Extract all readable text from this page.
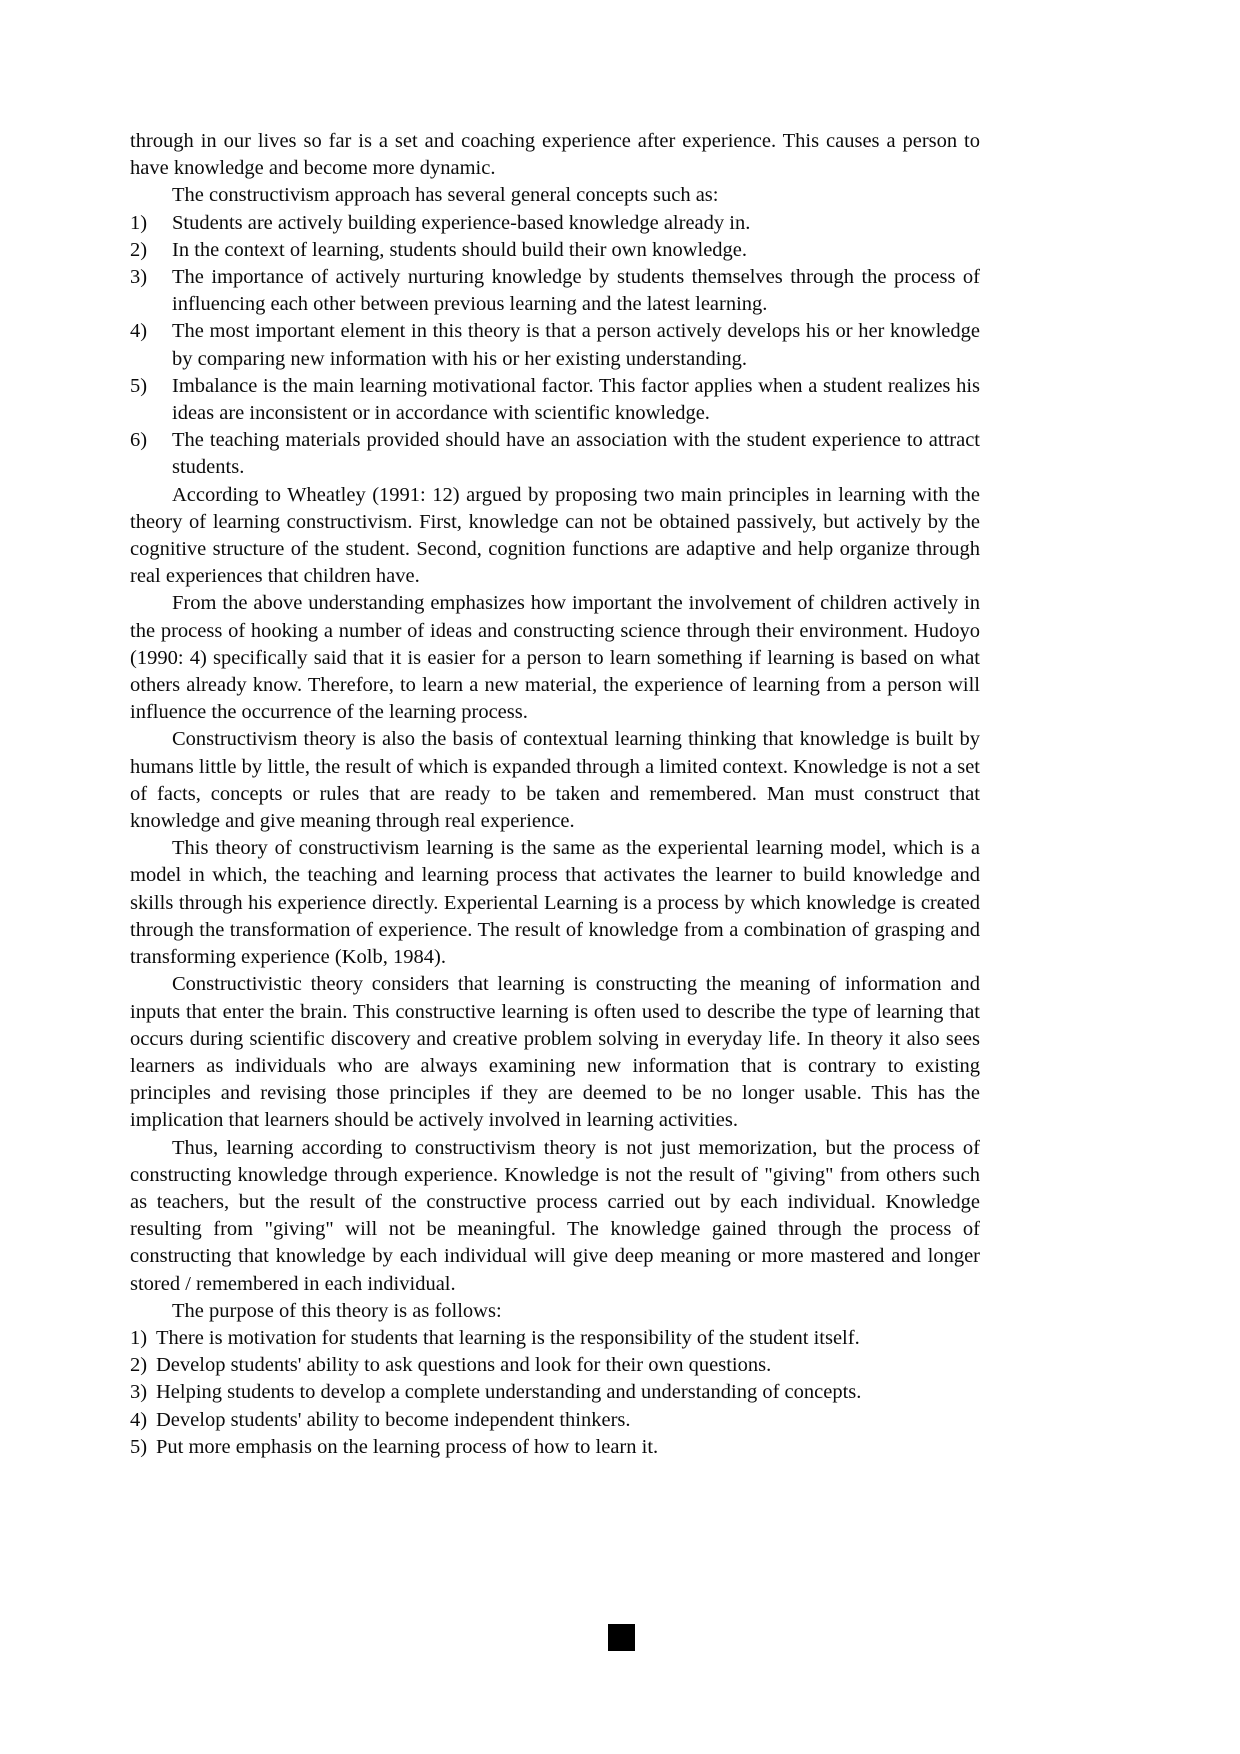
through in our lives so far is a set and coaching experience after experience. This causes a person to have knowledge and become more dynamic.

The constructivism approach has several general concepts such as:

1)	Students are actively building experience-based knowledge already in.
2)	In the context of learning, students should build their own knowledge.
3)	The importance of actively nurturing knowledge by students themselves through the process of influencing each other between previous learning and the latest learning.
4)	The most important element in this theory is that a person actively develops his or her knowledge by comparing new information with his or her existing understanding.
5)	Imbalance is the main learning motivational factor. This factor applies when a student realizes his ideas are inconsistent or in accordance with scientific knowledge.
6)	The teaching materials provided should have an association with the student experience to attract students.

According to Wheatley (1991: 12) argued by proposing two main principles in learning with the theory of learning constructivism. First, knowledge can not be obtained passively, but actively by the cognitive structure of the student. Second, cognition functions are adaptive and help organize through real experiences that children have.

From the above understanding emphasizes how important the involvement of children actively in the process of hooking a number of ideas and constructing science through their environment. Hudoyo (1990: 4) specifically said that it is easier for a person to learn something if learning is based on what others already know. Therefore, to learn a new material, the experience of learning from a person will influence the occurrence of the learning process.

Constructivism theory is also the basis of contextual learning thinking that knowledge is built by humans little by little, the result of which is expanded through a limited context. Knowledge is not a set of facts, concepts or rules that are ready to be taken and remembered. Man must construct that knowledge and give meaning through real experience.

This theory of constructivism learning is the same as the experiental learning model, which is a model in which, the teaching and learning process that activates the learner to build knowledge and skills through his experience directly. Experiental Learning is a process by which knowledge is created through the transformation of experience. The result of knowledge from a combination of grasping and transforming experience (Kolb, 1984).

Constructivistic theory considers that learning is constructing the meaning of information and inputs that enter the brain. This constructive learning is often used to describe the type of learning that occurs during scientific discovery and creative problem solving in everyday life. In theory it also sees learners as individuals who are always examining new information that is contrary to existing principles and revising those principles if they are deemed to be no longer usable. This has the implication that learners should be actively involved in learning activities.

Thus, learning according to constructivism theory is not just memorization, but the process of constructing knowledge through experience. Knowledge is not the result of "giving" from others such as teachers, but the result of the constructive process carried out by each individual. Knowledge resulting from "giving" will not be meaningful. The knowledge gained through the process of constructing that knowledge by each individual will give deep meaning or more mastered and longer stored / remembered in each individual.

The purpose of this theory is as follows:

1) There is motivation for students that learning is the responsibility of the student itself.
2) Develop students' ability to ask questions and look for their own questions.
3) Helping students to develop a complete understanding and understanding of concepts.
4) Develop students' ability to become independent thinkers.
5) Put more emphasis on the learning process of how to learn it.
